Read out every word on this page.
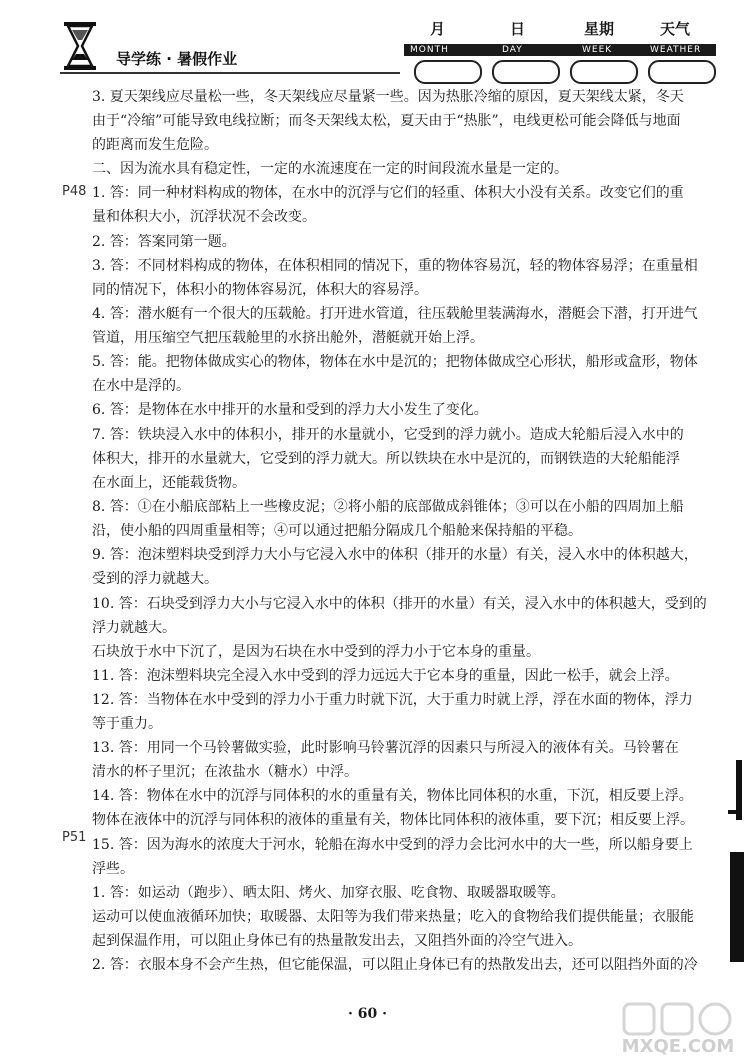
导学练 · 暑假作业
月	日	星期	天气
MONTH	DAY	WEEK	WEATHER
P48
P51
3. 夏天架线应尽量松一些，冬天架线应尽量紧一些。因为热胀冷缩的原因，夏天架线太紧，冬天
由于“冷缩”可能导致电线拉断；而冬天架线太松，夏天由于“热胀”，电线更松可能会降低与地面
的距离而发生危险。
二、因为流水具有稳定性，一定的水流速度在一定的时间段流水量是一定的。
1. 答：同一种材料构成的物体，在水中的沉浮与它们的轻重、体积大小没有关系。改变它们的重
量和体积大小，沉浮状况不会改变。
2. 答：答案同第一题。
3. 答：不同材料构成的物体，在体积相同的情况下，重的物体容易沉，轻的物体容易浮；在重量相
同的情况下，体积小的物体容易沉，体积大的容易浮。
4. 答：潜水艇有一个很大的压载舱。打开进水管道，往压载舱里装满海水，潜艇会下潜，打开进气
管道，用压缩空气把压载舱里的水挤出舱外，潜艇就开始上浮。
5. 答：能。把物体做成实心的物体，物体在水中是沉的；把物体做成空心形状，船形或盒形，物体
在水中是浮的。
6. 答：是物体在水中排开的水量和受到的浮力大小发生了变化。
7. 答：铁块浸入水中的体积小，排开的水量就小，它受到的浮力就小。造成大轮船后浸入水中的
体积大，排开的水量就大，它受到的浮力就大。所以铁块在水中是沉的，而钢铁造的大轮船能浮
在水面上，还能载货物。
8. 答：①在小船底部粘上一些橡皮泥；②将小船的底部做成斜锥体；③可以在小船的四周加上船
沿，使小船的四周重量相等；④可以通过把船分隔成几个船舱来保持船的平稳。
9. 答：泡沫塑料块受到浮力大小与它浸入水中的体积（排开的水量）有关，浸入水中的体积越大，
受到的浮力就越大。
10. 答：石块受到浮力大小与它浸入水中的体积（排开的水量）有关，浸入水中的体积越大，受到的
浮力就越大。
石块放于水中下沉了，是因为石块在水中受到的浮力小于它本身的重量。
11. 答：泡沫塑料块完全浸入水中受到的浮力远远大于它本身的重量，因此一松手，就会上浮。
12. 答：当物体在水中受到的浮力小于重力时就下沉，大于重力时就上浮，浮在水面的物体，浮力
等于重力。
13. 答：用同一个马铃薯做实验，此时影响马铃薯沉浮的因素只与所浸入的液体有关。马铃薯在
清水的杯子里沉；在浓盐水（糖水）中浮。
14. 答：物体在水中的沉浮与同体积的水的重量有关，物体比同体积的水重，下沉，相反要上浮。
物体在液体中的沉浮与同体积的液体的重量有关，物体比同体积的液体重，要下沉；相反要上浮。
15. 答：因为海水的浓度大于河水，轮船在海水中受到的浮力会比河水中的大一些，所以船身要上
浮些。
1. 答：如运动（跑步）、晒太阳、烤火、加穿衣服、吃食物、取暖器取暖等。
运动可以使血液循环加快；取暖器、太阳等为我们带来热量；吃入的食物给我们提供能量；衣服能
起到保温作用，可以阻止身体已有的热量散发出去，又阻挡外面的冷空气进入。
2. 答：衣服本身不会产生热，但它能保温，可以阻止身体已有的热散发出去，还可以阻挡外面的冷
· 60 ·
MXQE.COM
